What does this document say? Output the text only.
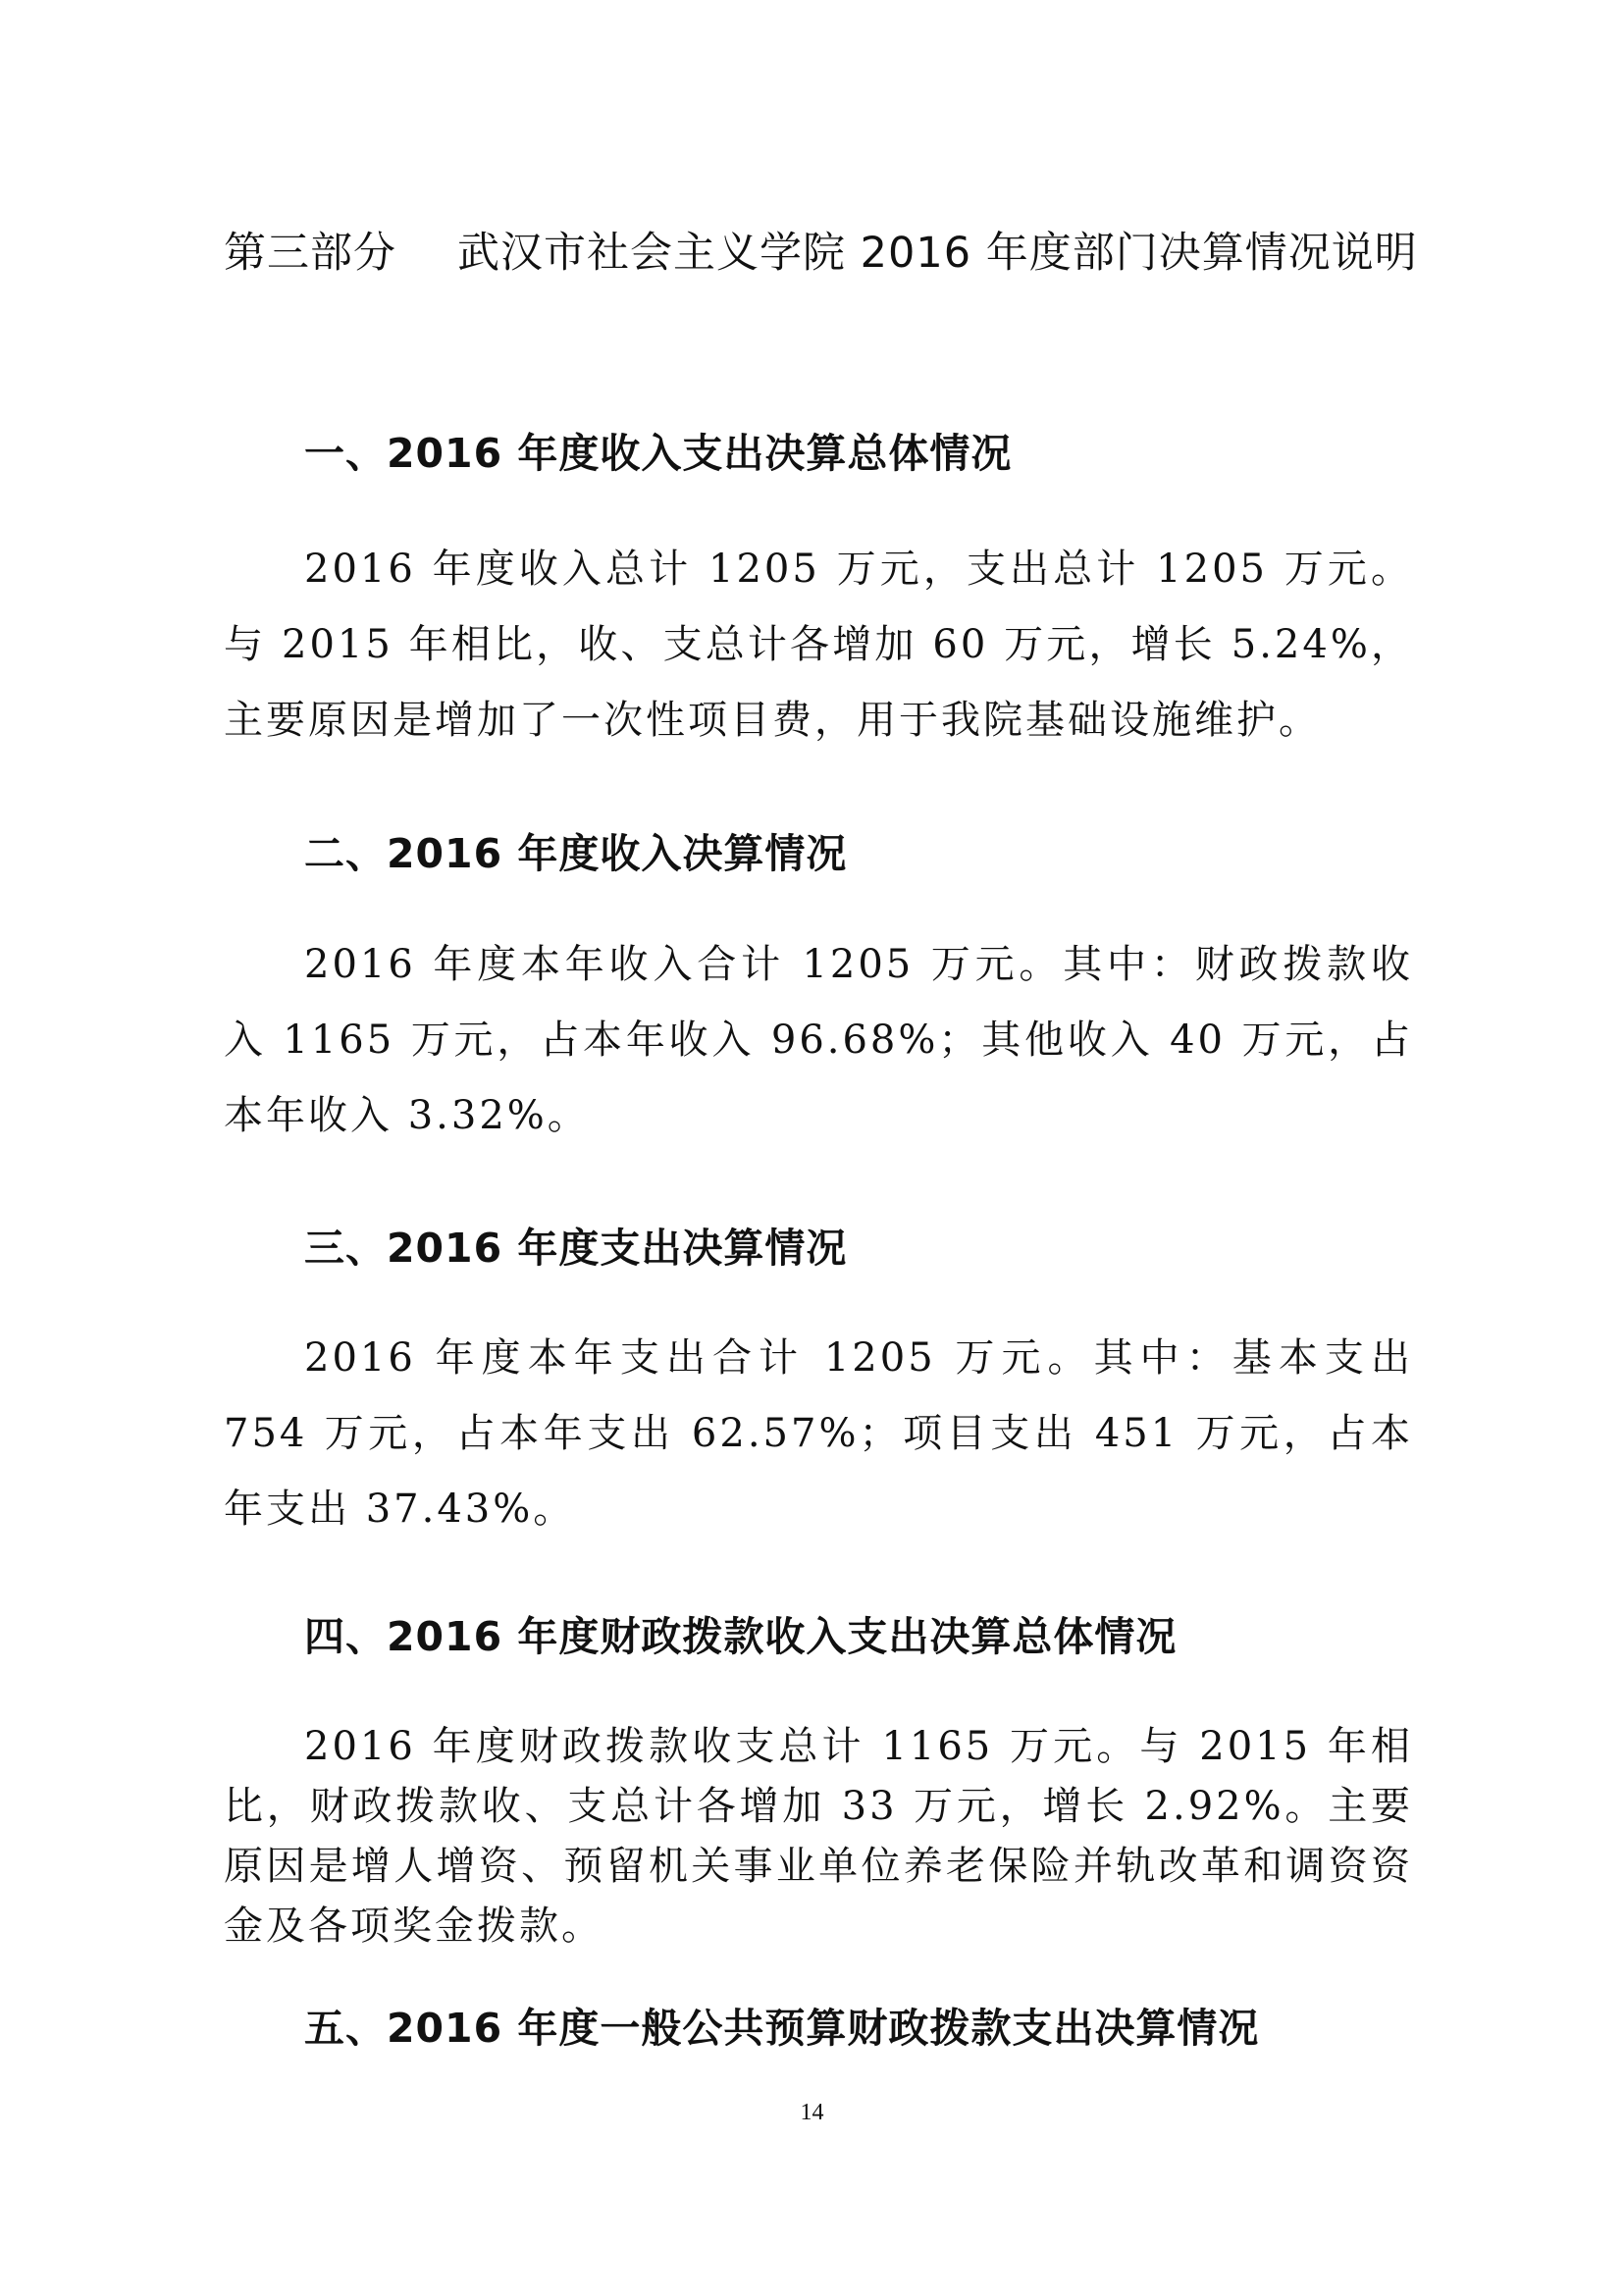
第三部分 武汉市社会主义学院 2016 年度部门决算情况说明
一、2016 年度收入支出决算总体情况

2016 年度收入总计 1205 万元，支出总计 1205 万元。与 2015 年相比，收、支总计各增加 60 万元，增长 5.24%，主要原因是增加了一次性项目费，用于我院基础设施维护。

二、2016 年度收入决算情况

2016 年度本年收入合计 1205 万元。其中：财政拨款收入 1165 万元，占本年收入 96.68%；其他收入 40 万元，占本年收入 3.32%。

三、2016 年度支出决算情况

2016 年度本年支出合计 1205 万元。其中：基本支出 754 万元，占本年支出 62.57%；项目支出 451 万元，占本年支出 37.43%。

四、2016 年度财政拨款收入支出决算总体情况

2016 年度财政拨款收支总计 1165 万元。与 2015 年相比，财政拨款收、支总计各增加 33 万元，增长 2.92%。主要原因是增人增资、预留机关事业单位养老保险并轨改革和调资资金及各项奖金拨款。

五、2016 年度一般公共预算财政拨款支出决算情况
14
